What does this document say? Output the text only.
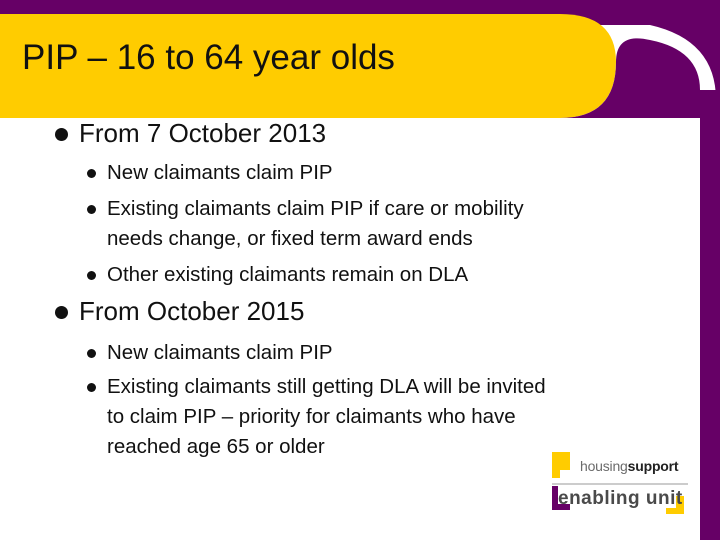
PIP – 16 to 64 year olds
From 7 October 2013
New claimants claim PIP
Existing claimants claim PIP if care or mobility
needs change, or fixed term award ends
Other existing claimants remain on DLA
From October 2015
New claimants claim PIP
Existing claimants still getting DLA will be invited
to claim PIP – priority for claimants who have
reached age 65 or older
housingsupport
enabling unit
